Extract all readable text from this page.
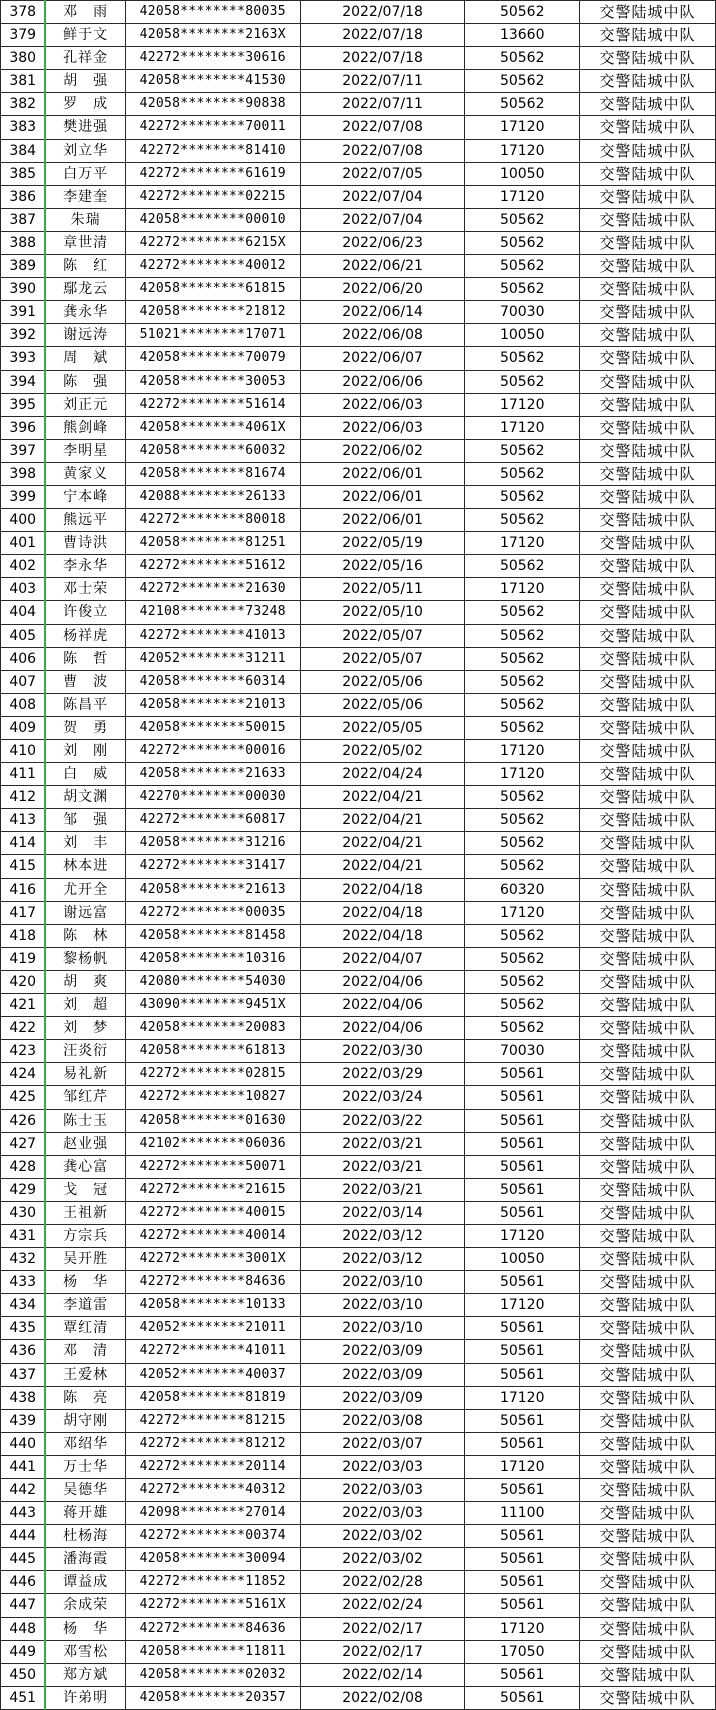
378	邓　雨	42058********80035	2022/07/18	50562	交警陆城中队
379	鲜于文	42058********2163X	2022/07/18	13660	交警陆城中队
380	孔祥金	42272********30616	2022/07/18	50562	交警陆城中队
381	胡　强	42058********41530	2022/07/11	50562	交警陆城中队
382	罗　成	42058********90838	2022/07/11	50562	交警陆城中队
383	樊进强	42272********70011	2022/07/08	17120	交警陆城中队
384	刘立华	42272********81410	2022/07/08	17120	交警陆城中队
385	白万平	42272********61619	2022/07/05	10050	交警陆城中队
386	李建奎	42272********02215	2022/07/04	17120	交警陆城中队
387	朱瑞	42058********00010	2022/07/04	50562	交警陆城中队
388	章世清	42272********6215X	2022/06/23	50562	交警陆城中队
389	陈　红	42272********40012	2022/06/21	50562	交警陆城中队
390	鄢龙云	42058********61815	2022/06/20	50562	交警陆城中队
391	龚永华	42058********21812	2022/06/14	70030	交警陆城中队
392	谢远涛	51021********17071	2022/06/08	10050	交警陆城中队
393	周　斌	42058********70079	2022/06/07	50562	交警陆城中队
394	陈　强	42058********30053	2022/06/06	50562	交警陆城中队
395	刘正元	42272********51614	2022/06/03	17120	交警陆城中队
396	熊剑峰	42058********4061X	2022/06/03	17120	交警陆城中队
397	李明星	42058********60032	2022/06/02	50562	交警陆城中队
398	黄家义	42058********81674	2022/06/01	50562	交警陆城中队
399	宁本峰	42088********26133	2022/06/01	50562	交警陆城中队
400	熊远平	42272********80018	2022/06/01	50562	交警陆城中队
401	曹诗洪	42058********81251	2022/05/19	17120	交警陆城中队
402	李永华	42272********51612	2022/05/16	50562	交警陆城中队
403	邓士荣	42272********21630	2022/05/11	17120	交警陆城中队
404	许俊立	42108********73248	2022/05/10	50562	交警陆城中队
405	杨祥虎	42272********41013	2022/05/07	50562	交警陆城中队
406	陈　哲	42052********31211	2022/05/07	50562	交警陆城中队
407	曹　波	42058********60314	2022/05/06	50562	交警陆城中队
408	陈昌平	42058********21013	2022/05/06	50562	交警陆城中队
409	贺　勇	42058********50015	2022/05/05	50562	交警陆城中队
410	刘　刚	42272********00016	2022/05/02	17120	交警陆城中队
411	白　威	42058********21633	2022/04/24	17120	交警陆城中队
412	胡文渊	42270********00030	2022/04/21	50562	交警陆城中队
413	邹　强	42272********60817	2022/04/21	50562	交警陆城中队
414	刘　丰	42058********31216	2022/04/21	50562	交警陆城中队
415	林本进	42272********31417	2022/04/21	50562	交警陆城中队
416	尤开全	42058********21613	2022/04/18	60320	交警陆城中队
417	谢远富	42272********00035	2022/04/18	17120	交警陆城中队
418	陈　林	42058********81458	2022/04/18	50562	交警陆城中队
419	黎杨帆	42058********10316	2022/04/07	50562	交警陆城中队
420	胡　爽	42080********54030	2022/04/06	50562	交警陆城中队
421	刘　超	43090********9451X	2022/04/06	50562	交警陆城中队
422	刘　梦	42058********20083	2022/04/06	50562	交警陆城中队
423	汪炎衍	42058********61813	2022/03/30	70030	交警陆城中队
424	易礼新	42272********02815	2022/03/29	50561	交警陆城中队
425	邹红芹	42272********10827	2022/03/24	50561	交警陆城中队
426	陈士玉	42058********01630	2022/03/22	50561	交警陆城中队
427	赵业强	42102********06036	2022/03/21	50561	交警陆城中队
428	龚心富	42272********50071	2022/03/21	50561	交警陆城中队
429	戈　冠	42272********21615	2022/03/21	50561	交警陆城中队
430	王祖新	42272********40015	2022/03/14	50561	交警陆城中队
431	方宗兵	42272********40014	2022/03/12	17120	交警陆城中队
432	吴开胜	42272********3001X	2022/03/12	10050	交警陆城中队
433	杨　华	42272********84636	2022/03/10	50561	交警陆城中队
434	李道雷	42058********10133	2022/03/10	17120	交警陆城中队
435	覃红清	42052********21011	2022/03/10	50561	交警陆城中队
436	邓　清	42272********41011	2022/03/09	50561	交警陆城中队
437	王爱林	42052********40037	2022/03/09	50561	交警陆城中队
438	陈　亮	42058********81819	2022/03/09	17120	交警陆城中队
439	胡守刚	42272********81215	2022/03/08	50561	交警陆城中队
440	邓绍华	42272********81212	2022/03/07	50561	交警陆城中队
441	万士华	42272********20114	2022/03/03	17120	交警陆城中队
442	吴德华	42272********40312	2022/03/03	50561	交警陆城中队
443	蒋开雄	42098********27014	2022/03/03	11100	交警陆城中队
444	杜杨海	42272********00374	2022/03/02	50561	交警陆城中队
445	潘海霞	42058********30094	2022/03/02	50561	交警陆城中队
446	谭益成	42272********11852	2022/02/28	50561	交警陆城中队
447	余成荣	42272********5161X	2022/02/24	50561	交警陆城中队
448	杨　华	42272********84636	2022/02/17	17120	交警陆城中队
449	邓雪松	42058********11811	2022/02/17	17050	交警陆城中队
450	郑方斌	42058********02032	2022/02/14	50561	交警陆城中队
451	许弟明	42058********20357	2022/02/08	50561	交警陆城中队
